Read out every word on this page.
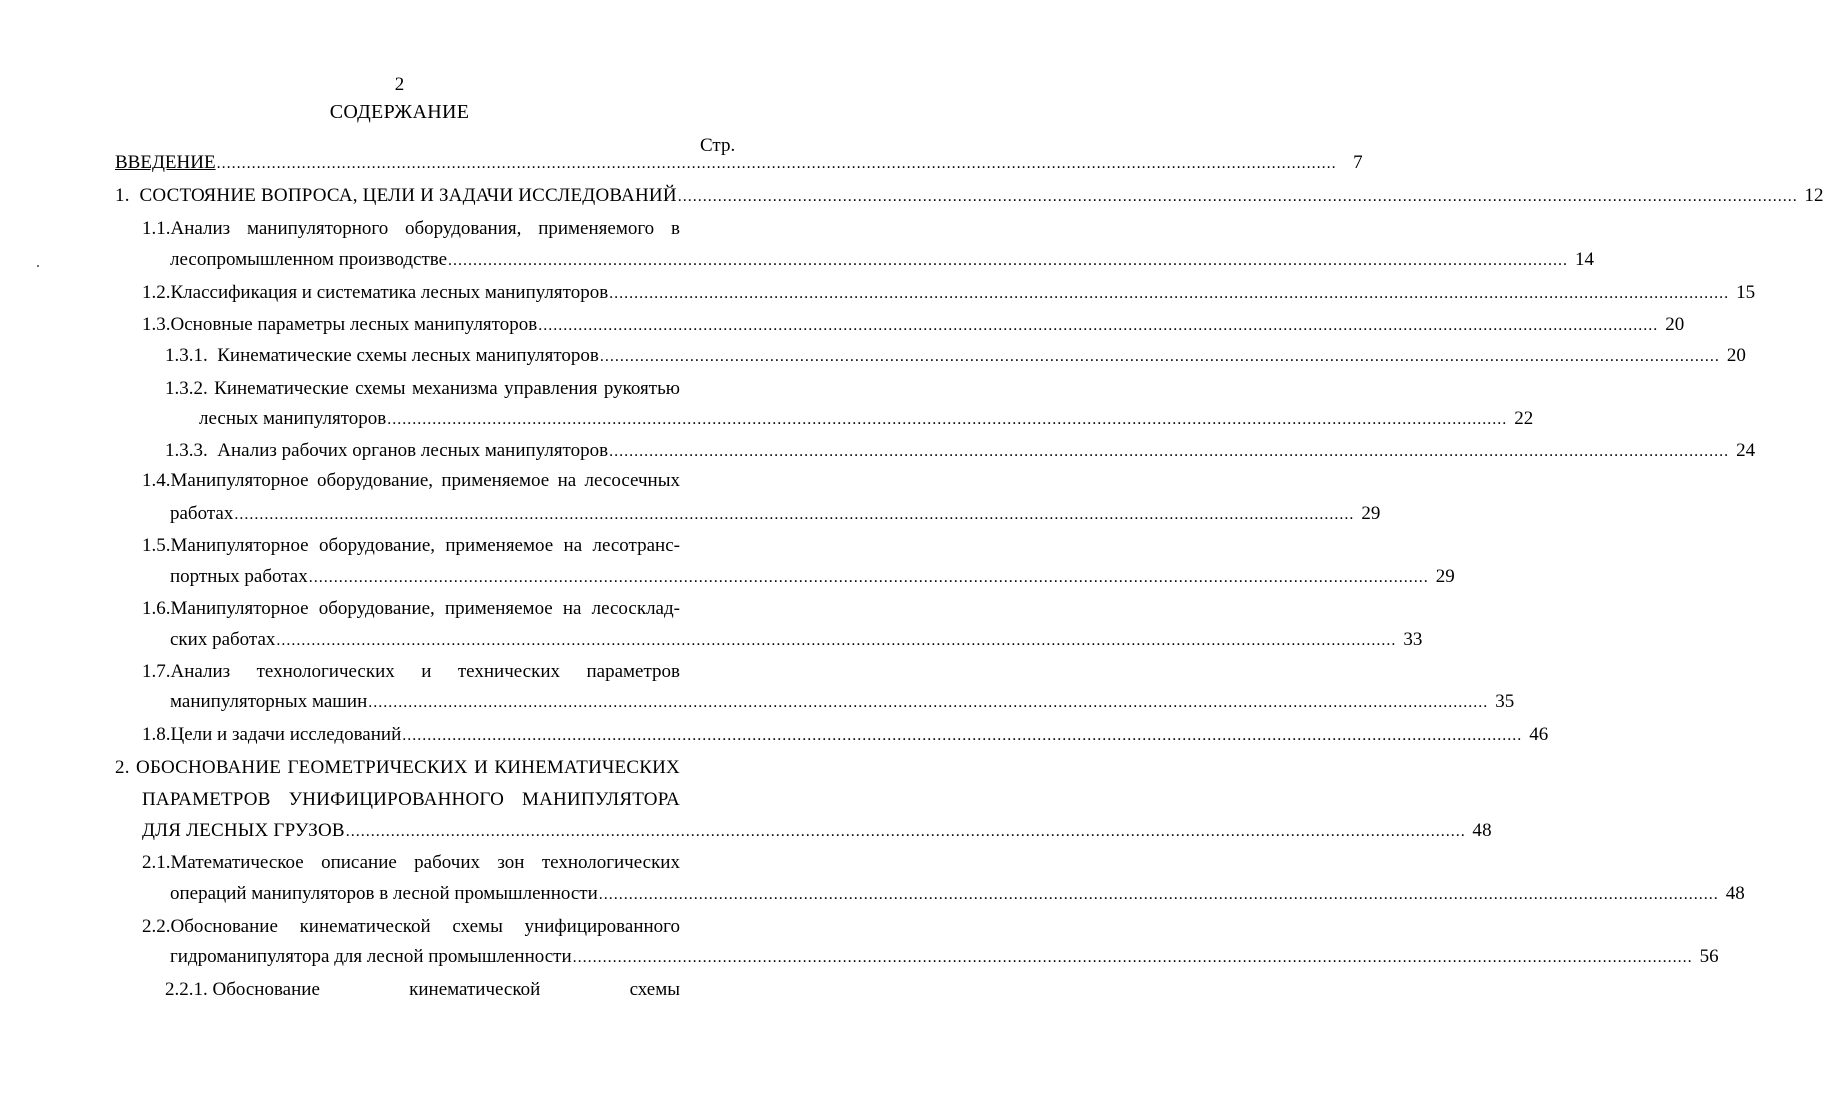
2
СОДЕРЖАНИЕ
Стр.
ВВЕДЕНИЕ ................................................................................................................................................................................................................................ 7
1.  СОСТОЯНИЕ ВОПРОСА, ЦЕЛИ И ЗАДАЧИ ИССЛЕДОВАНИЙ ................................................................................................................................................................................................................................ 12
1.1.Анализ манипуляторного оборудования, применяемого в
лесопромышленном производстве ................................................................................................................................................................................................................................ 14
1.2.Классификация и систематика лесных манипуляторов ................................................................................................................................................................................................................................ 15
1.3.Основные параметры лесных манипуляторов ................................................................................................................................................................................................................................ 20
1.3.1.  Кинематические схемы лесных манипуляторов ................................................................................................................................................................................................................................ 20
1.3.2. Кинематические схемы механизма управления рукоятью
лесных манипуляторов ................................................................................................................................................................................................................................ 22
1.3.3.  Анализ рабочих органов лесных манипуляторов ................................................................................................................................................................................................................................ 24
1.4.Манипуляторное оборудование, применяемое на лесосечных
работах ................................................................................................................................................................................................................................ 29
1.5.Манипуляторное оборудование, применяемое на лесотранс-
портных работах ................................................................................................................................................................................................................................ 29
1.6.Манипуляторное оборудование, применяемое на лесосклад-
ских работах ................................................................................................................................................................................................................................ 33
1.7.Анализ технологических и технических параметров
манипуляторных машин ................................................................................................................................................................................................................................ 35
1.8.Цели и задачи исследований ................................................................................................................................................................................................................................ 46
2. ОБОСНОВАНИЕ ГЕОМЕТРИЧЕСКИХ И КИНЕМАТИЧЕСКИХ
ПАРАМЕТРОВ УНИФИЦИРОВАННОГО МАНИПУЛЯТОРА
ДЛЯ ЛЕСНЫХ ГРУЗОВ ................................................................................................................................................................................................................................ 48
2.1.Математическое описание рабочих зон технологических
операций манипуляторов в лесной промышленности ................................................................................................................................................................................................................................ 48
2.2.Обоснование кинематической схемы унифицированного
гидроманипулятора для лесной промышленности ................................................................................................................................................................................................................................ 56
2.2.1. Обоснование	кинематической	схемы
